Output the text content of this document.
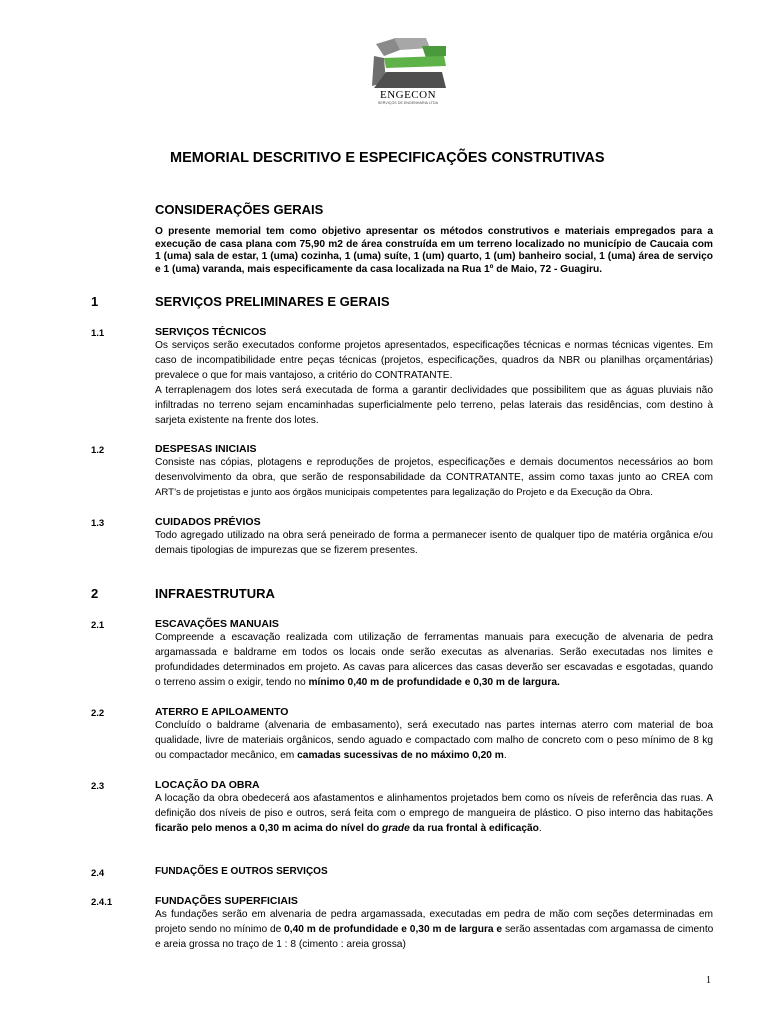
ENGECON
SERVIÇOS DE ENGENHARIA LTDA
MEMORIAL DESCRITIVO E ESPECIFICAÇÕES CONSTRUTIVAS
CONSIDERAÇÕES GERAIS
O presente memorial tem como objetivo apresentar os métodos construtivos e materiais empregados para a execução de casa plana com 75,90 m2 de área construída em um terreno localizado no município de Caucaia com 1 (uma) sala de estar, 1 (uma) cozinha, 1 (uma) suíte, 1 (um) quarto, 1 (um) banheiro social, 1 (uma) área de serviço e 1 (uma) varanda, mais especificamente da casa localizada na Rua 1º de Maio, 72 - Guagiru.
1	SERVIÇOS PRELIMINARES E GERAIS
1.1	SERVIÇOS TÉCNICOS
Os serviços serão executados conforme projetos apresentados, especificações técnicas e normas técnicas vigentes. Em
caso de incompatibilidade entre peças técnicas (projetos, especificações, quadros da NBR ou planilhas orçamentárias)
prevalece o que for mais vantajoso, a critério do CONTRATANTE.
A terraplenagem dos lotes será executada de forma a garantir declividades que possibilitem que as águas pluviais não
infiltradas no terreno sejam encaminhadas superficialmente pelo terreno, pelas laterais das residências, com destino à
sarjeta existente na frente dos lotes.
1.2	DESPESAS INICIAIS
Consiste nas cópias, plotagens e reproduções de projetos, especificações e demais documentos necessários ao bom
desenvolvimento da obra, que serão de responsabilidade da CONTRATANTE, assim como taxas junto ao CREA com
ART’s de projetistas e junto aos órgãos municipais competentes para legalização do Projeto e da Execução da Obra.
1.3	CUIDADOS PRÉVIOS
Todo agregado utilizado na obra será peneirado de forma a permanecer isento de qualquer tipo de matéria orgânica e/ou
demais tipologias de impurezas que se fizerem presentes.
2	INFRAESTRUTURA
2.1	ESCAVAÇÕES MANUAIS
Compreende a escavação realizada com utilização de ferramentas manuais para execução de alvenaria de pedra
argamassada e baldrame em todos os locais onde serão executas as alvenarias. Serão executadas nos limites e
profundidades determinados em projeto. As cavas para alicerces das casas deverão ser escavadas e esgotadas, quando
o terreno assim o exigir, tendo no mínimo 0,40 m de profundidade e 0,30 m de largura.
2.2	ATERRO E APILOAMENTO
Concluído o baldrame (alvenaria de embasamento), será executado nas partes internas aterro com material de boa
qualidade, livre de materiais orgânicos, sendo aguado e compactado com malho de concreto com o peso mínimo de 8 kg
ou compactador mecânico, em camadas sucessivas de no máximo 0,20 m.
2.3	LOCAÇÃO DA OBRA
A locação da obra obedecerá aos afastamentos e alinhamentos projetados bem como os níveis de referência das ruas. A
definição dos níveis de piso e outros, será feita com o emprego de mangueira de plástico. O piso interno das habitações
ficarão pelo menos a 0,30 m acima do nível do grade da rua frontal à edificação.
2.4	FUNDAÇÕES E OUTROS SERVIÇOS
2.4.1	FUNDAÇÕES SUPERFICIAIS
As fundações serão em alvenaria de pedra argamassada, executadas em pedra de mão com seções determinadas em
projeto sendo no mínimo de 0,40 m de profundidade e 0,30 m de largura e serão assentadas com argamassa de cimento
e areia grossa no traço de 1 : 8 (cimento : areia grossa)
1
